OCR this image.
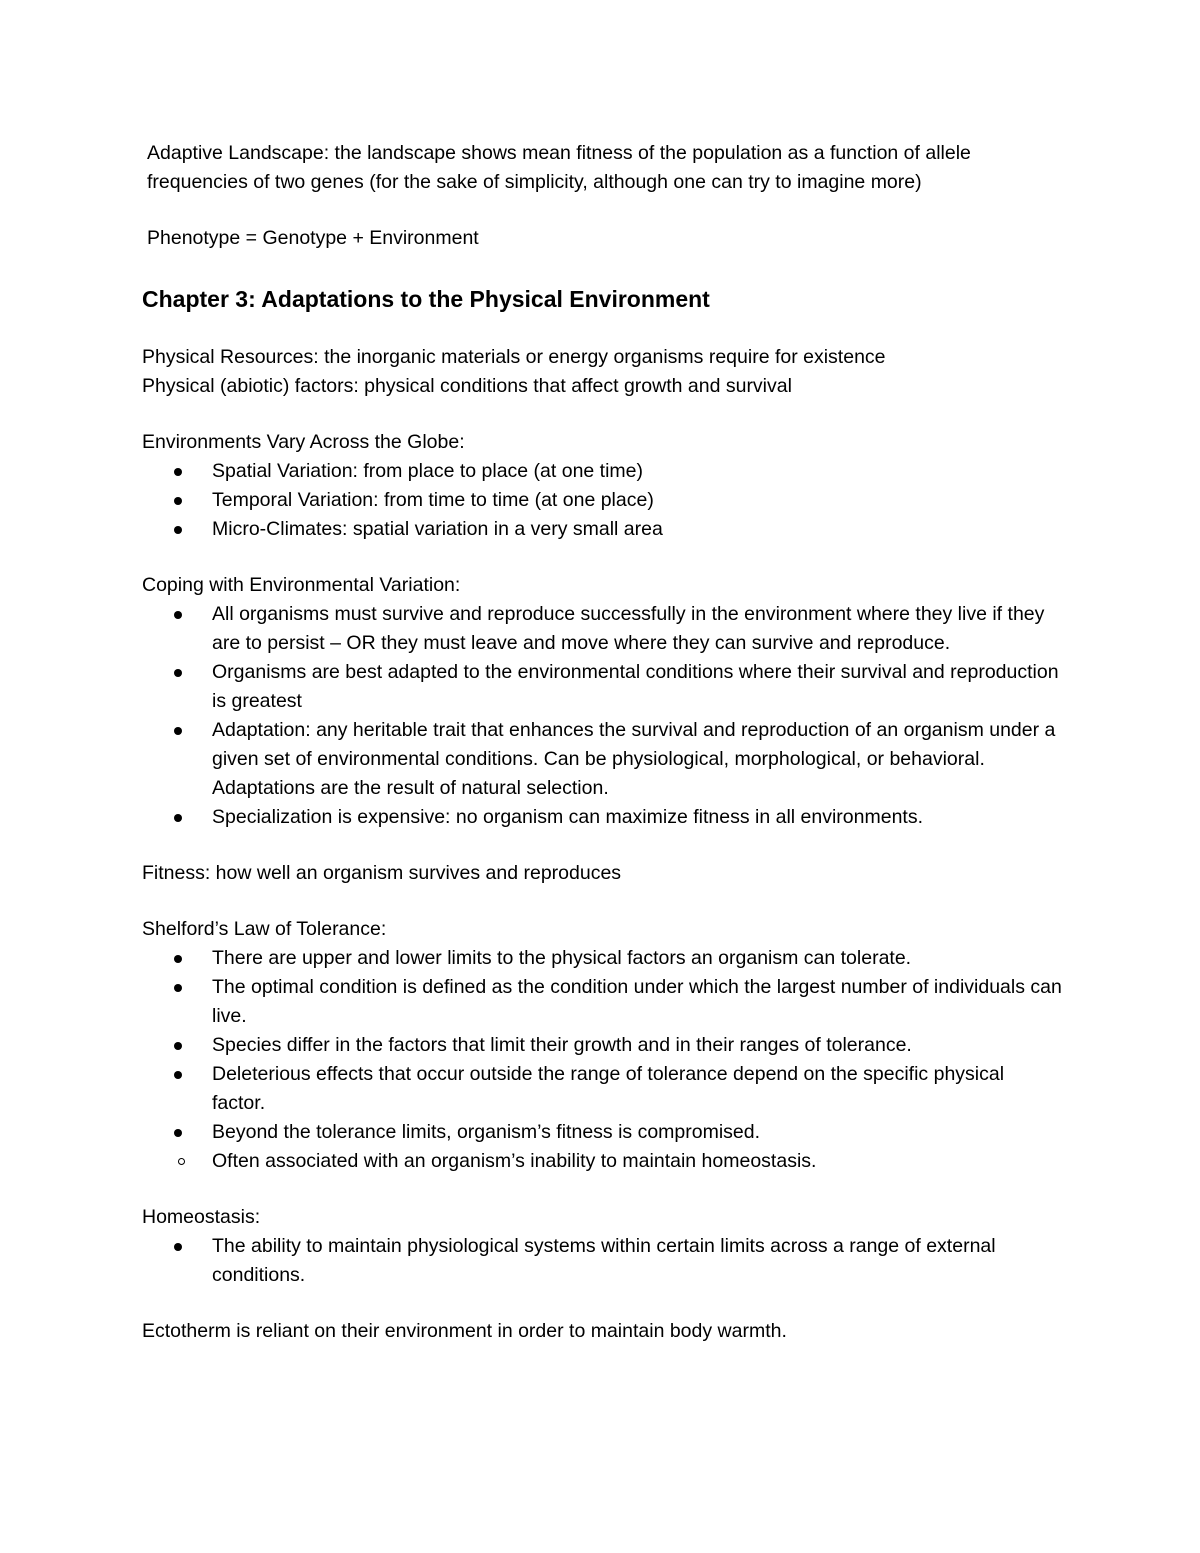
Adaptive Landscape: the landscape shows mean fitness of the population as a function of allele frequencies of two genes (for the sake of simplicity, although one can try to imagine more)

Phenotype = Genotype + Environment

Chapter 3: Adaptations to the Physical Environment

Physical Resources: the inorganic materials or energy organisms require for existence

Physical (abiotic) factors: physical conditions that affect growth and survival

Environments Vary Across the Globe:

Spatial Variation: from place to place (at one time)
Temporal Variation: from time to time (at one place)
Micro-Climates: spatial variation in a very small area

Coping with Environmental Variation:

All organisms must survive and reproduce successfully in the environment where they live if they are to persist – OR they must leave and move where they can survive and reproduce.
Organisms are best adapted to the environmental conditions where their survival and reproduction is greatest
Adaptation: any heritable trait that enhances the survival and reproduction of an organism under a given set of environmental conditions. Can be physiological, morphological, or behavioral. Adaptations are the result of natural selection.
Specialization is expensive: no organism can maximize fitness in all environments.

Fitness: how well an organism survives and reproduces

Shelford’s Law of Tolerance:

There are upper and lower limits to the physical factors an organism can tolerate.
The optimal condition is defined as the condition under which the largest number of individuals can live.
Species differ in the factors that limit their growth and in their ranges of tolerance.
Deleterious effects that occur outside the range of tolerance depend on the specific physical factor.
Beyond the tolerance limits, organism’s fitness is compromised.
Often associated with an organism’s inability to maintain homeostasis.

Homeostasis:

The ability to maintain physiological systems within certain limits across a range of external conditions.

Ectotherm is reliant on their environment in order to maintain body warmth.
